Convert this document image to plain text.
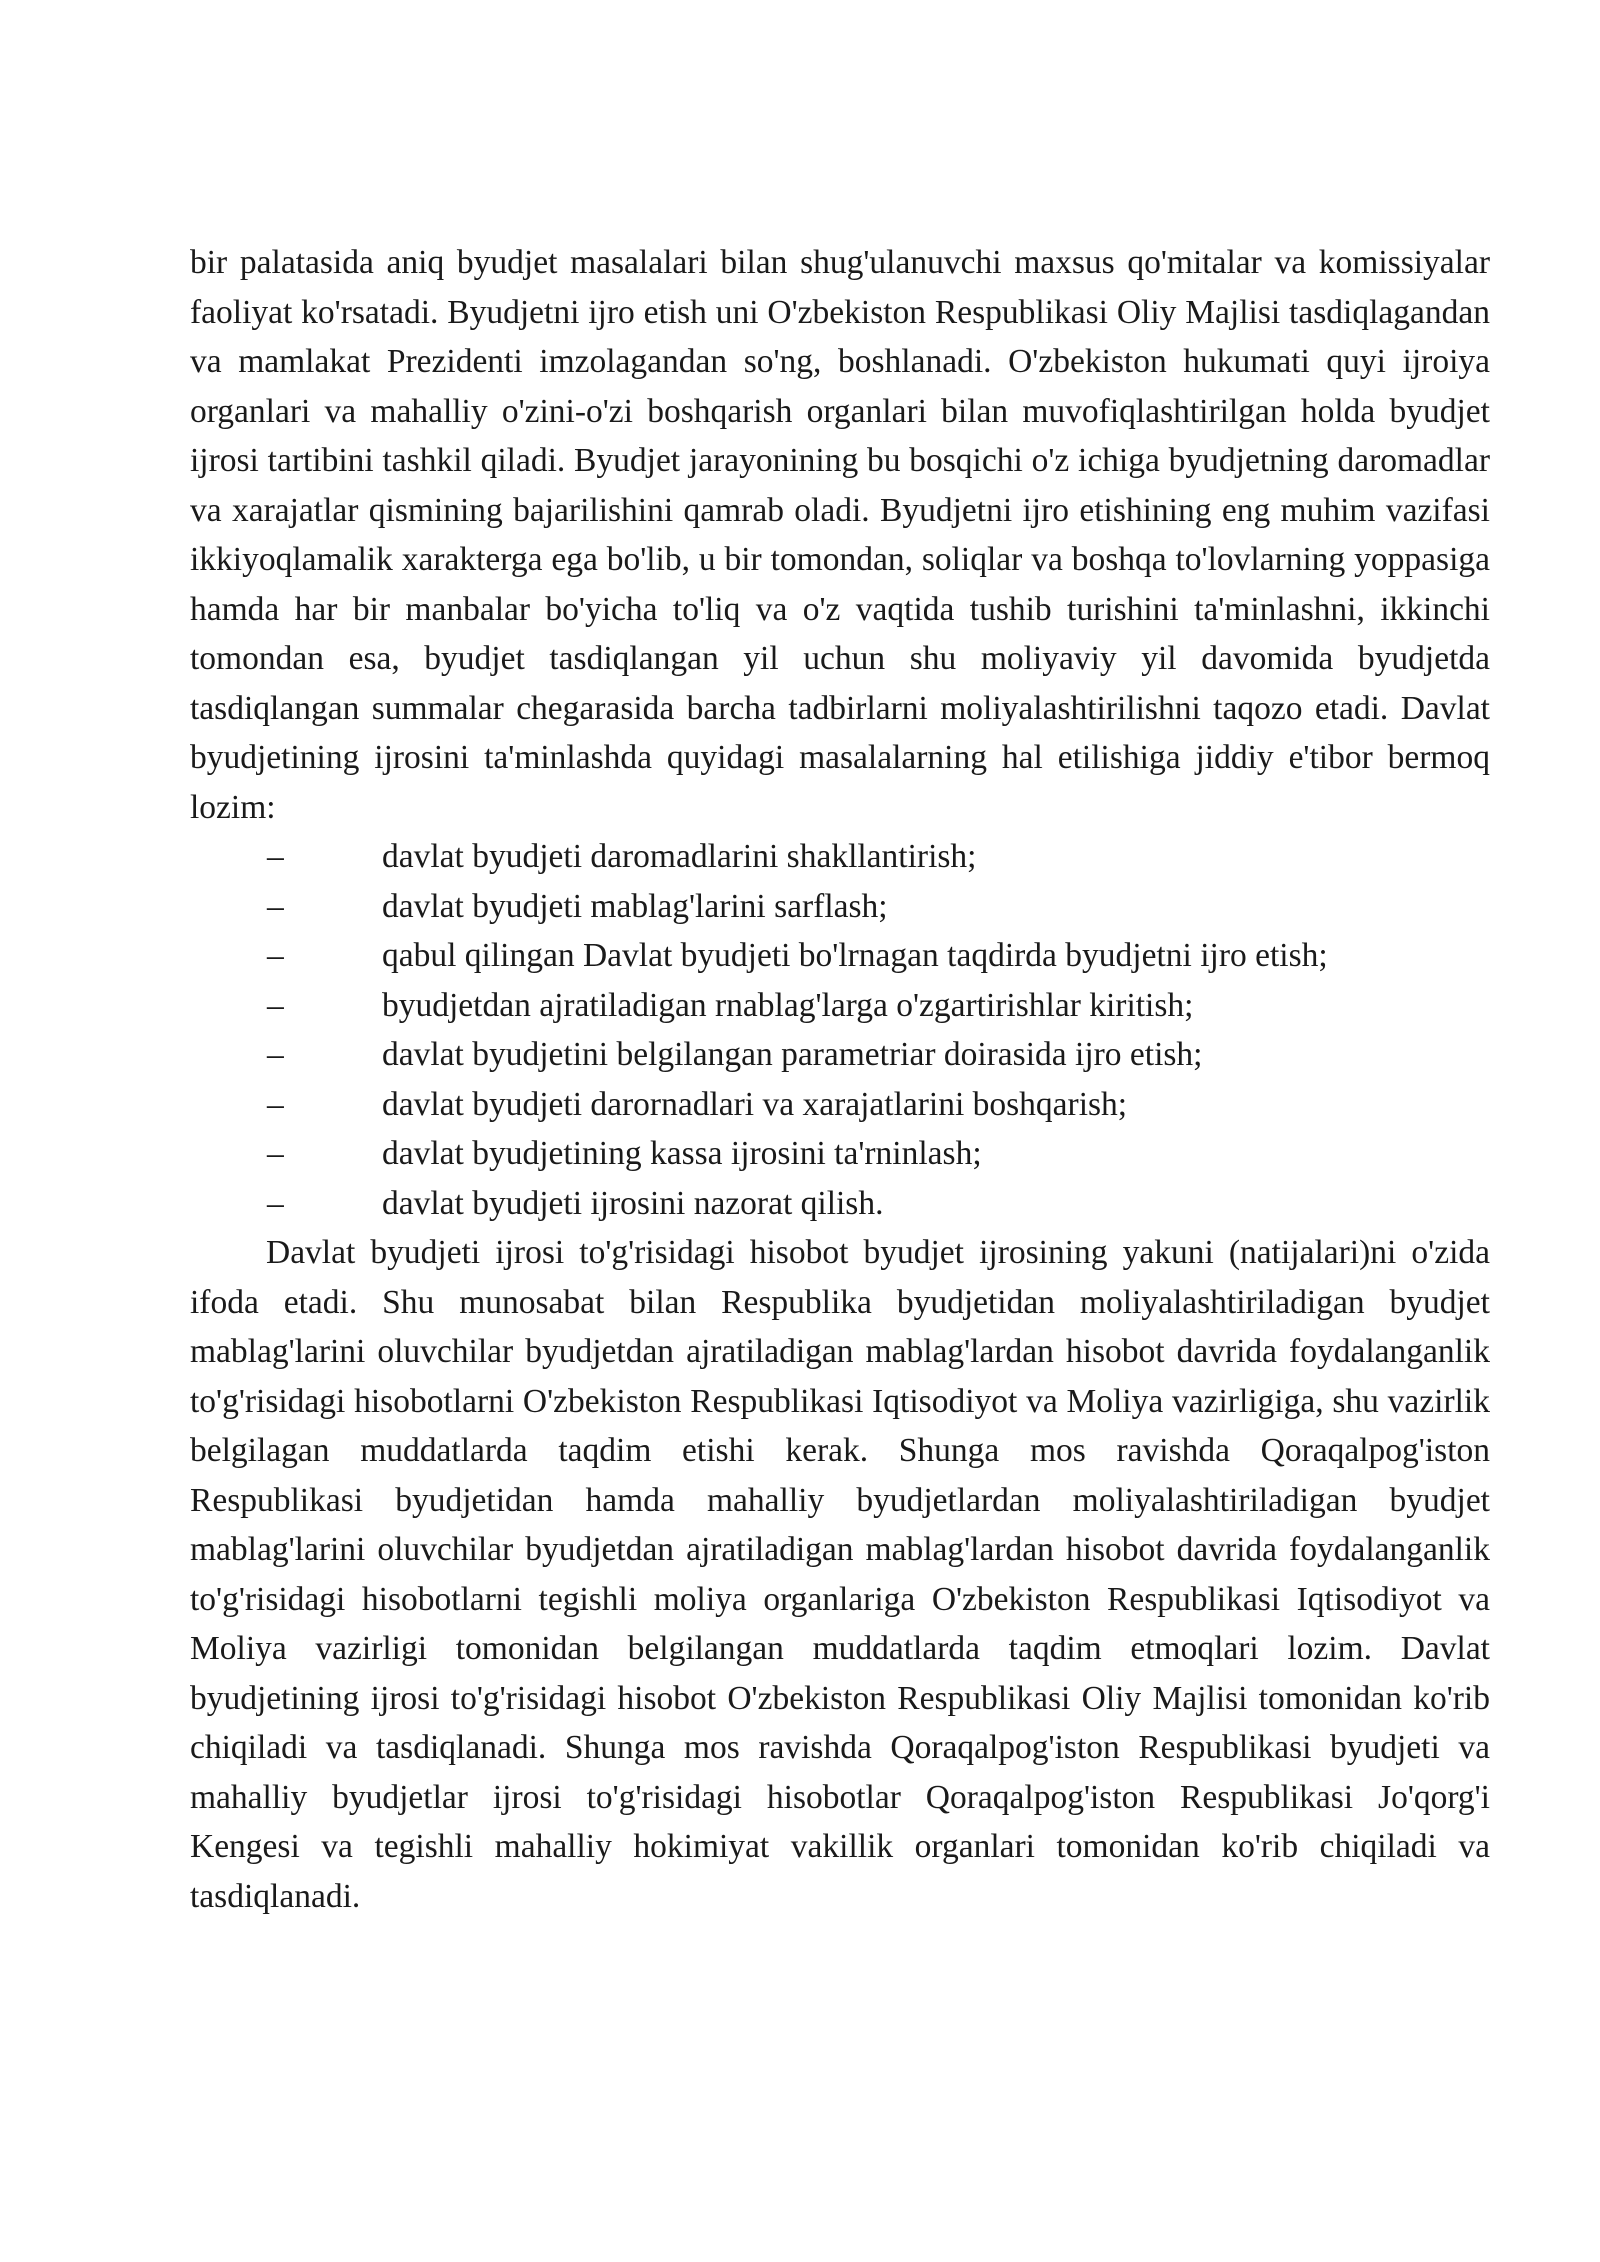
bir palatasida aniq byudjet masalalari bilan shug'ulanuvchi maxsus qo'mitalar va komissiyalar faoliyat ko'rsatadi. Byudjetni ijro etish uni O'zbekiston Respublikasi Oliy Majlisi tasdiqlagandan va mamlakat Prezidenti imzolagandan so'ng, boshlanadi. O'zbekiston hukumati quyi ijroiya organlari va mahalliy o'zini-o'zi boshqarish organlari bilan muvofiqlashtirilgan holda byudjet ijrosi tartibini tashkil qiladi. Byudjet jarayonining bu bosqichi o'z ichiga byudjetning daromadlar va xarajatlar qismining bajarilishini qamrab oladi. Byudjetni ijro etishining eng muhim vazifasi ikkiyoqlamalik xarakterga ega bo'lib, u bir tomondan, soliqlar va boshqa to'lovlarning yoppasiga hamda har bir manbalar bo'yicha to'liq va o'z vaqtida tushib turishini ta'minlashni, ikkinchi tomondan esa, byudjet tasdiqlangan yil uchun shu moliyaviy yil davomida byudjetda tasdiqlangan summalar chegarasida barcha tadbirlarni moliyalashtirilishni taqozo etadi. Davlat byudjetining ijrosini ta'minlashda quyidagi masalalarning hal etilishiga jiddiy e'tibor bermoq lozim:

–	davlat byudjeti daromadlarini shakllantirish;
–	davlat byudjeti mablag'larini sarflash;
–	qabul qilingan Davlat byudjeti bo'lrnagan taqdirda byudjetni ijro etish;
–	byudjetdan ajratiladigan rnablag'larga o'zgartirishlar kiritish;
–	davlat byudjetini belgilangan parametriar doirasida ijro etish;
–	davlat byudjeti darornadlari va xarajatlarini boshqarish;
–	davlat byudjetining kassa ijrosini ta'rninlash;
–	davlat byudjeti ijrosini nazorat qilish.

Davlat byudjeti ijrosi to'g'risidagi hisobot byudjet ijrosining yakuni (natijalari)ni o'zida ifoda etadi. Shu munosabat bilan Respublika byudjetidan moliyalashtiriladigan byudjet mablag'larini oluvchilar byudjetdan ajratiladigan mablag'lardan hisobot davrida foydalanganlik to'g'risidagi hisobotlarni O'zbekiston Respublikasi Iqtisodiyot va Moliya vazirligiga, shu vazirlik belgilagan muddatlarda taqdim etishi kerak. Shunga mos ravishda Qoraqalpog'iston Respublikasi byudjetidan hamda mahalliy byudjetlardan moliyalashtiriladigan byudjet mablag'larini oluvchilar byudjetdan ajratiladigan mablag'lardan hisobot davrida foydalanganlik to'g'risidagi hisobotlarni tegishli moliya organlariga O'zbekiston Respublikasi Iqtisodiyot va Moliya vazirligi tomonidan belgilangan muddatlarda taqdim etmoqlari lozim. Davlat byudjetining ijrosi to'g'risidagi hisobot O'zbekiston Respublikasi Oliy Majlisi tomonidan ko'rib chiqiladi va tasdiqlanadi. Shunga mos ravishda Qoraqalpog'iston Respublikasi byudjeti va mahalliy byudjetlar ijrosi to'g'risidagi hisobotlar Qoraqalpog'iston Respublikasi Jo'qorg'i Kengesi va tegishli mahalliy hokimiyat vakillik organlari tomonidan ko'rib chiqiladi va tasdiqlanadi.
